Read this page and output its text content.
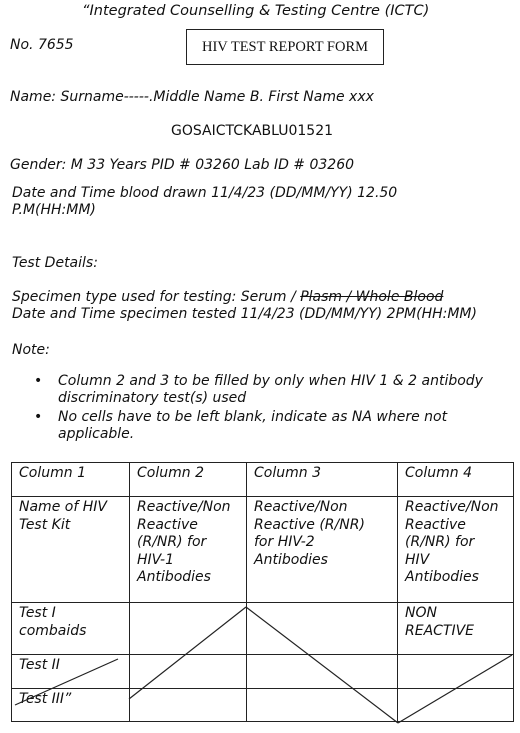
“Integrated Counselling & Testing Centre (ICTC)
No. 7655	HIV TEST REPORT FORM
Name: Surname-----.Middle Name B. First Name xxx
GOSAICTCKABLU01521
Gender: M 33 Years PID # 03260 Lab ID # 03260
Date and Time blood drawn 11/4/23 (DD/MM/YY) 12.50
P.M(HH:MM)
Test Details:
Specimen type used for testing: Serum / Plasm / Whole Blood
Date and Time specimen tested 11/4/23 (DD/MM/YY) 2PM(HH:MM)
Note:
• Column 2 and 3 to be filled by only when HIV 1 & 2 antibody
discriminatory test(s) used
• No cells have to be left blank, indicate as NA where not
applicable.
Column 1	Column 2	Column 3	Column 4

Name of HIV
Test Kit	Reactive/Non
Reactive
(R/NR) for
HIV-1
Antibodies	Reactive/Non
Reactive (R/NR)
for HIV-2
Antibodies	Reactive/Non
Reactive
(R/NR) for
HIV
Antibodies

Test I
combaids			NON
REACTIVE

Test II			

Test III”			
